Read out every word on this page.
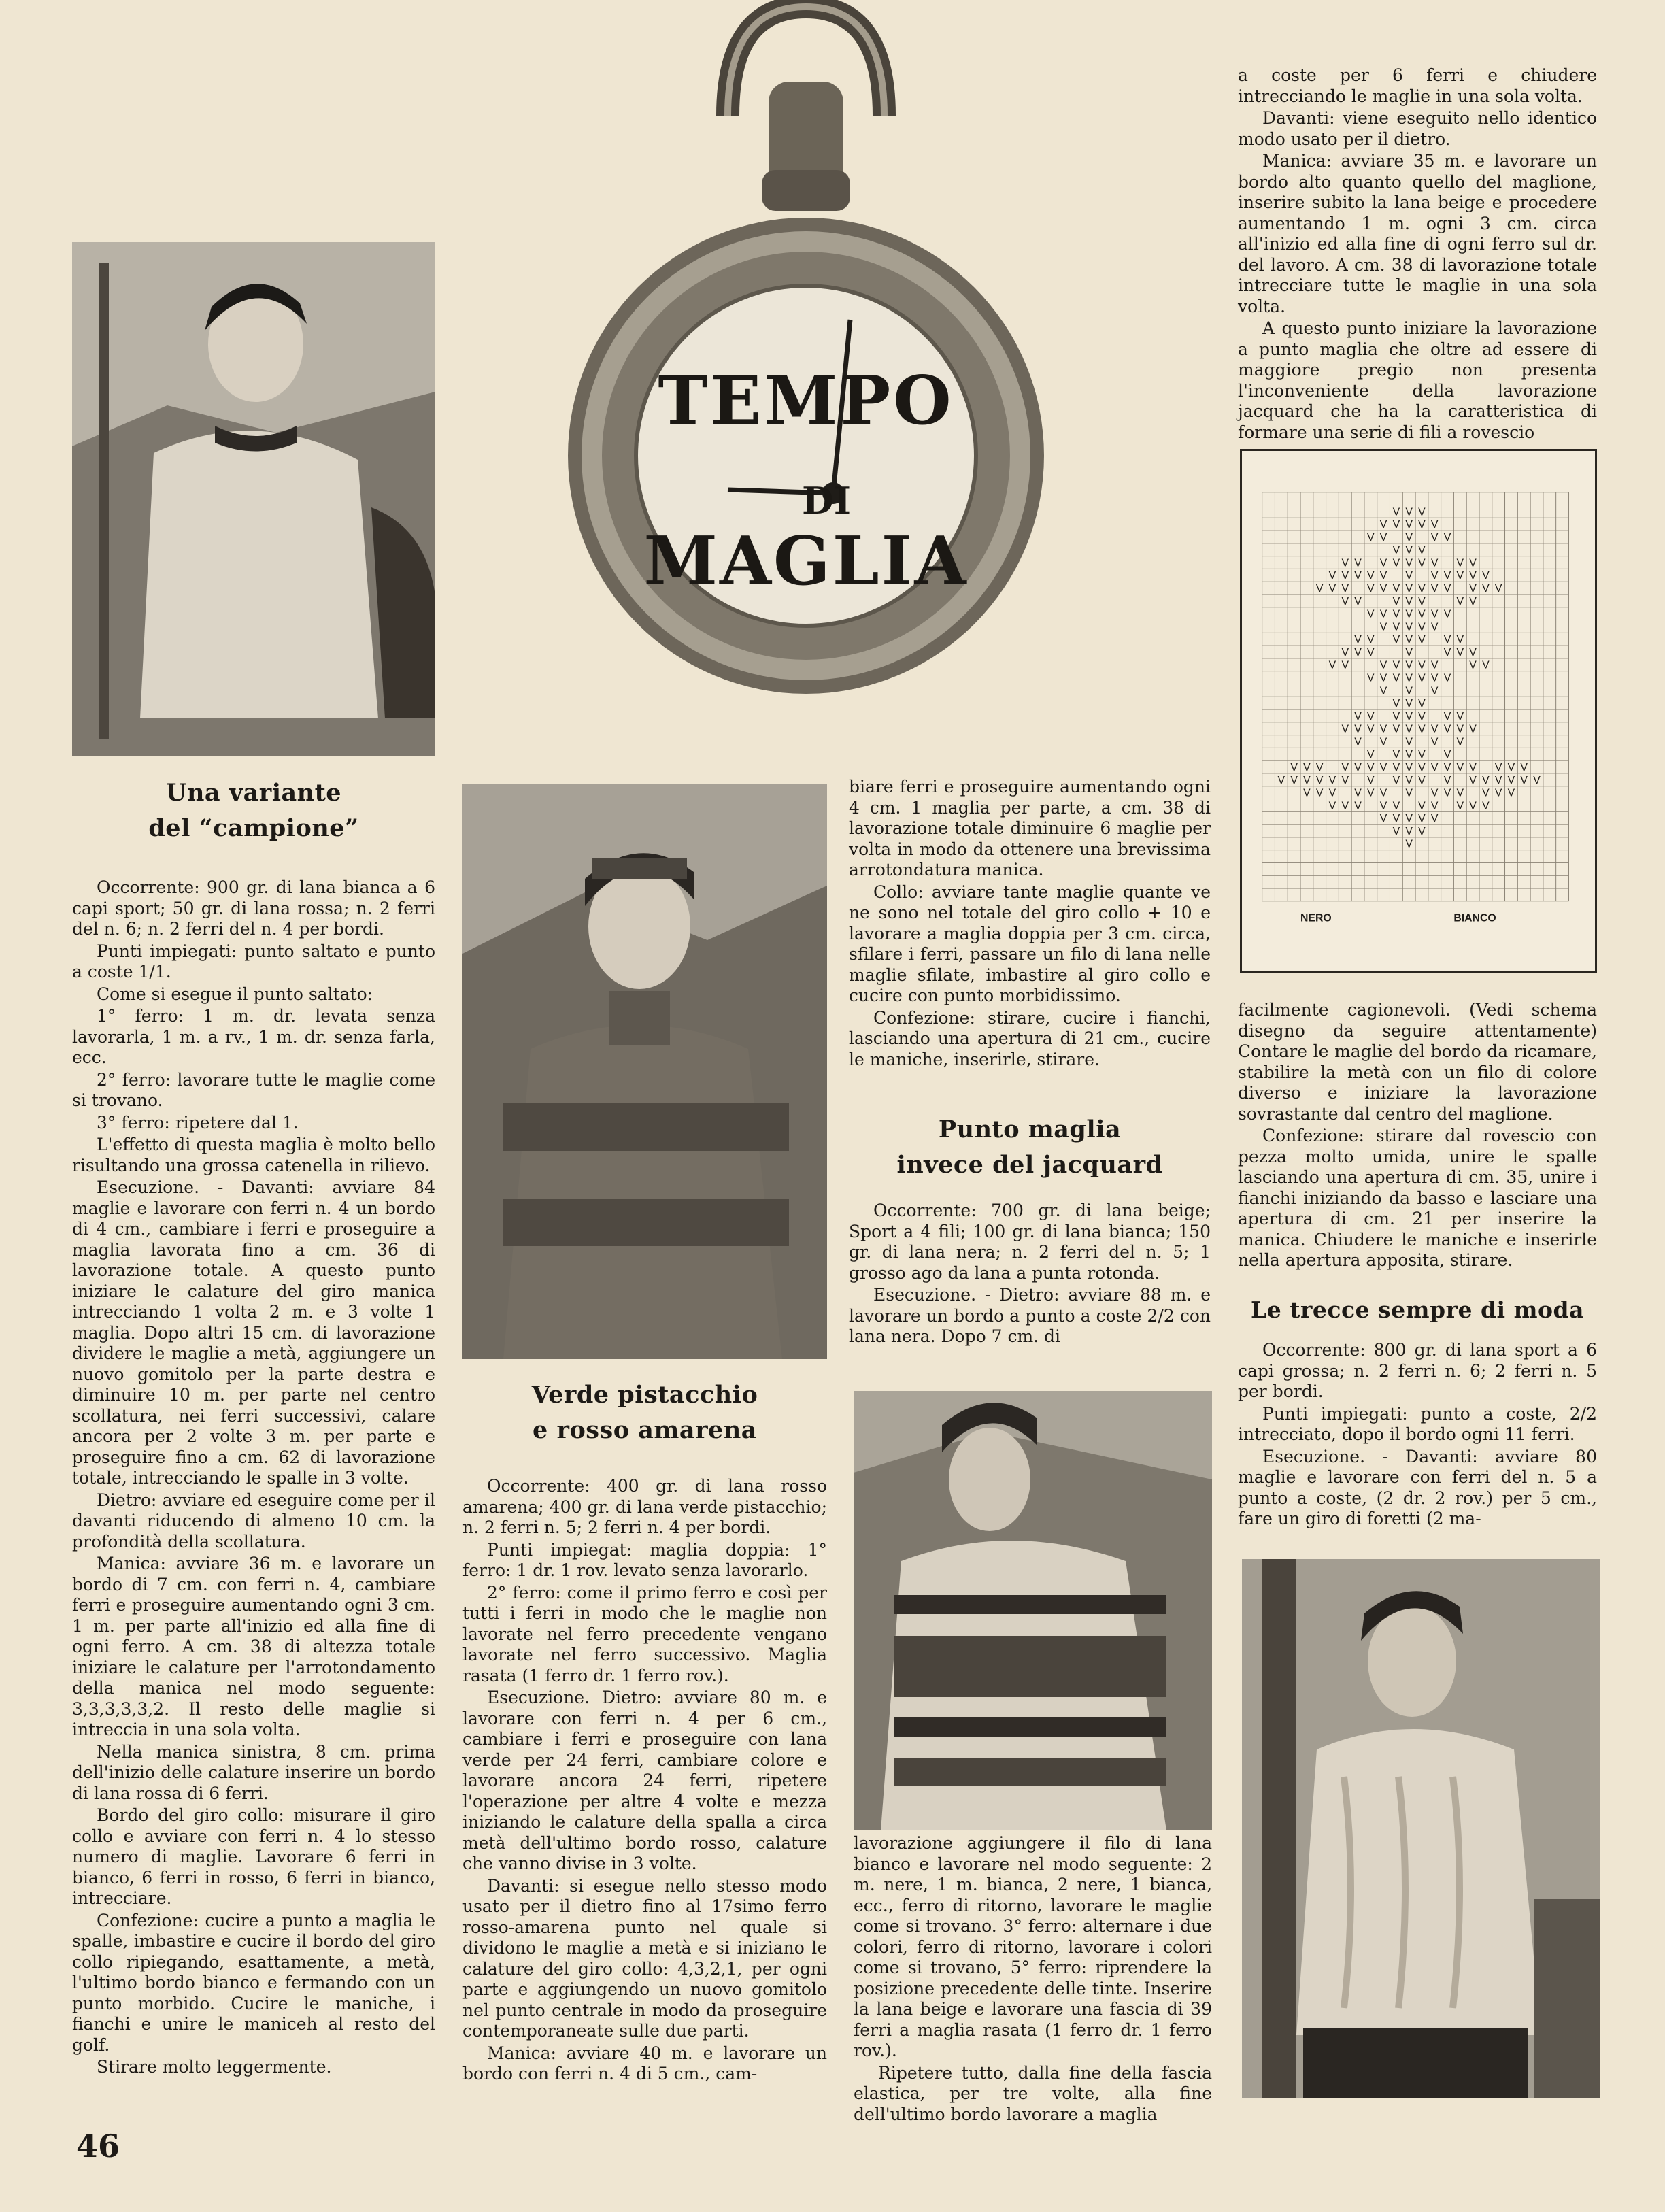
TEMPO
DI
MAGLIA
Una variante
del “campione”

Occorrente: 900 gr. di lana bianca a 6 capi sport; 50 gr. di lana rossa; n. 2 ferri del n. 6; n. 2 ferri del n. 4 per bordi.

Punti impiegati: punto saltato e punto a coste 1/1.

Come si esegue il punto saltato:

1° ferro: 1 m. dr. levata senza lavorarla, 1 m. a rv., 1 m. dr. senza farla, ecc.

2° ferro: lavorare tutte le maglie come si trovano.

3° ferro: ripetere dal 1.

L'effetto di questa maglia è molto bello risultando una grossa catenella in rilievo.

Esecuzione. - Davanti: avviare 84 maglie e lavorare con ferri n. 4 un bordo di 4 cm., cambiare i ferri e proseguire a maglia lavorata fino a cm. 36 di lavorazione totale. A questo punto iniziare le calature del giro manica intrecciando 1 volta 2 m. e 3 volte 1 maglia. Dopo altri 15 cm. di lavorazione dividere le maglie a metà, aggiungere un nuovo gomitolo per la parte destra e diminuire 10 m. per parte nel centro scollatura, nei ferri successivi, calare ancora per 2 volte 3 m. per parte e proseguire fino a cm. 62 di lavorazione totale, intrecciando le spalle in 3 volte.

Dietro: avviare ed eseguire come per il davanti riducendo di almeno 10 cm. la profondità della scollatura.

Manica: avviare 36 m. e lavorare un bordo di 7 cm. con ferri n. 4, cambiare ferri e proseguire aumentando ogni 3 cm. 1 m. per parte all'inizio ed alla fine di ogni ferro. A cm. 38 di altezza totale iniziare le calature per l'arrotondamento della manica nel modo seguente: 3,3,3,3,3,2. Il resto delle maglie si intreccia in una sola volta.

Nella manica sinistra, 8 cm. prima dell'inizio delle calature inserire un bordo di lana rossa di 6 ferri.

Bordo del giro collo: misurare il giro collo e avviare con ferri n. 4 lo stesso numero di maglie. Lavorare 6 ferri in bianco, 6 ferri in rosso, 6 ferri in bianco, intrecciare.

Confezione: cucire a punto a maglia le spalle, imbastire e cucire il bordo del giro collo ripiegando, esattamente, a metà, l'ultimo bordo bianco e fermando con un punto morbido. Cucire le maniche, i fianchi e unire le maniceh al resto del golf.

Stirare molto leggermente.

Verde pistacchio
e rosso amarena

Occorrente: 400 gr. di lana rosso amarena; 400 gr. di lana verde pistacchio; n. 2 ferri n. 5; 2 ferri n. 4 per bordi.

Punti impiegat: maglia doppia: 1° ferro: 1 dr. 1 rov. levato senza lavorarlo.

2° ferro: come il primo ferro e così per tutti i ferri in modo che le maglie non lavorate nel ferro precedente vengano lavorate nel ferro successivo. Maglia rasata (1 ferro dr. 1 ferro rov.).

Esecuzione. Dietro: avviare 80 m. e lavorare con ferri n. 4 per 6 cm., cambiare i ferri e proseguire con lana verde per 24 ferri, cambiare colore e lavorare ancora 24 ferri, ripetere l'operazione per altre 4 volte e mezza iniziando le calature della spalla a circa metà dell'ultimo bordo rosso, calature che vanno divise in 3 volte.

Davanti: si esegue nello stesso modo usato per il dietro fino al 17simo ferro rosso-amarena punto nel quale si dividono le maglie a metà e si iniziano le calature del giro collo: 4,3,2,1, per ogni parte e aggiungendo un nuovo gomitolo nel punto centrale in modo da proseguire contemporaneate sulle due parti.

Manica: avviare 40 m. e lavorare un bordo con ferri n. 4 di 5 cm., cam-

biare ferri e proseguire aumentando ogni 4 cm. 1 maglia per parte, a cm. 38 di lavorazione totale diminuire 6 maglie per volta in modo da ottenere una brevissima arrotondatura manica.

Collo: avviare tante maglie quante ve ne sono nel totale del giro collo + 10 e lavorare a maglia doppia per 3 cm. circa, sfilare i ferri, passare un filo di lana nelle maglie sfilate, imbastire al giro collo e cucire con punto morbidissimo.

Confezione: stirare, cucire i fianchi, lasciando una apertura di 21 cm., cucire le maniche, inserirle, stirare.

Punto maglia
invece del jacquard

Occorrente: 700 gr. di lana beige; Sport a 4 fili; 100 gr. di lana bianca; 150 gr. di lana nera; n. 2 ferri del n. 5; 1 grosso ago da lana a punta rotonda.

Esecuzione. - Dietro: avviare 88 m. e lavorare un bordo a punto a coste 2/2 con lana nera. Dopo 7 cm. di

lavorazione aggiungere il filo di lana bianco e lavorare nel modo seguente: 2 m. nere, 1 m. bianca, 2 nere, 1 bianca, ecc., ferro di ritorno, lavorare le maglie come si trovano. 3° ferro: alternare i due colori, ferro di ritorno, lavorare i colori come si trovano, 5° ferro: riprendere la posizione precedente delle tinte. Inserire la lana beige e lavorare una fascia di 39 ferri a maglia rasata (1 ferro dr. 1 ferro rov.).

Ripetere tutto, dalla fine della fascia elastica, per tre volte, alla fine dell'ultimo bordo lavorare a maglia

a coste per 6 ferri e chiudere intrecciando le maglie in una sola volta.

Davanti: viene eseguito nello identico modo usato per il dietro.

Manica: avviare 35 m. e lavorare un bordo alto quanto quello del maglione, inserire subito la lana beige e procedere aumentando 1 m. ogni 3 cm. circa all'inizio ed alla fine di ogni ferro sul dr. del lavoro. A cm. 38 di lavorazione totale intrecciare tutte le maglie in una sola volta.

A questo punto iniziare la lavorazione a punto maglia che oltre ad essere di maggiore pregio non presenta l'inconveniente della lavorazione jacquard che ha la caratteristica di formare una serie di fili a rovescio

V V V
V V V V V
V V V V V
V V V
V V V V V V V V V
V V V V V V V V V V V
V V V V V V V V V V V V V
V V	V V V	V V
V V V V V V V
V V V V V
V V V V V V V
V V V	V	V V V
V V	V V V V V	V V
V V V V V V V
V V V
V V V
V V V V V V V
V V V V V V V V V V V
V V V V V
V V V V V
V V V V V V V V V V V V V V V V V
V V V V V V V V V V V V V V V V V
V V V V V V V V V V V V V
V V V V V V V V V V
V V V V V
V V V
V
NERO	BIANCO

facilmente cagionevoli. (Vedi schema disegno da seguire attentamente) Contare le maglie del bordo da ricamare, stabilire la metà con un filo di colore diverso e iniziare la lavorazione sovrastante dal centro del maglione.

Confezione: stirare dal rovescio con pezza molto umida, unire le spalle lasciando una apertura di cm. 35, unire i fianchi iniziando da basso e lasciare una apertura di cm. 21 per inserire la manica. Chiudere le maniche e inserirle nella apertura apposita, stirare.

Le trecce sempre di moda

Occorrente: 800 gr. di lana sport a 6 capi grossa; n. 2 ferri n. 6; 2 ferri n. 5 per bordi.

Punti impiegati: punto a coste, 2/2 intrecciato, dopo il bordo ogni 11 ferri.

Esecuzione. - Davanti: avviare 80 maglie e lavorare con ferri del n. 5 a punto a coste, (2 dr. 2 rov.) per 5 cm., fare un giro di foretti (2 ma-

46
